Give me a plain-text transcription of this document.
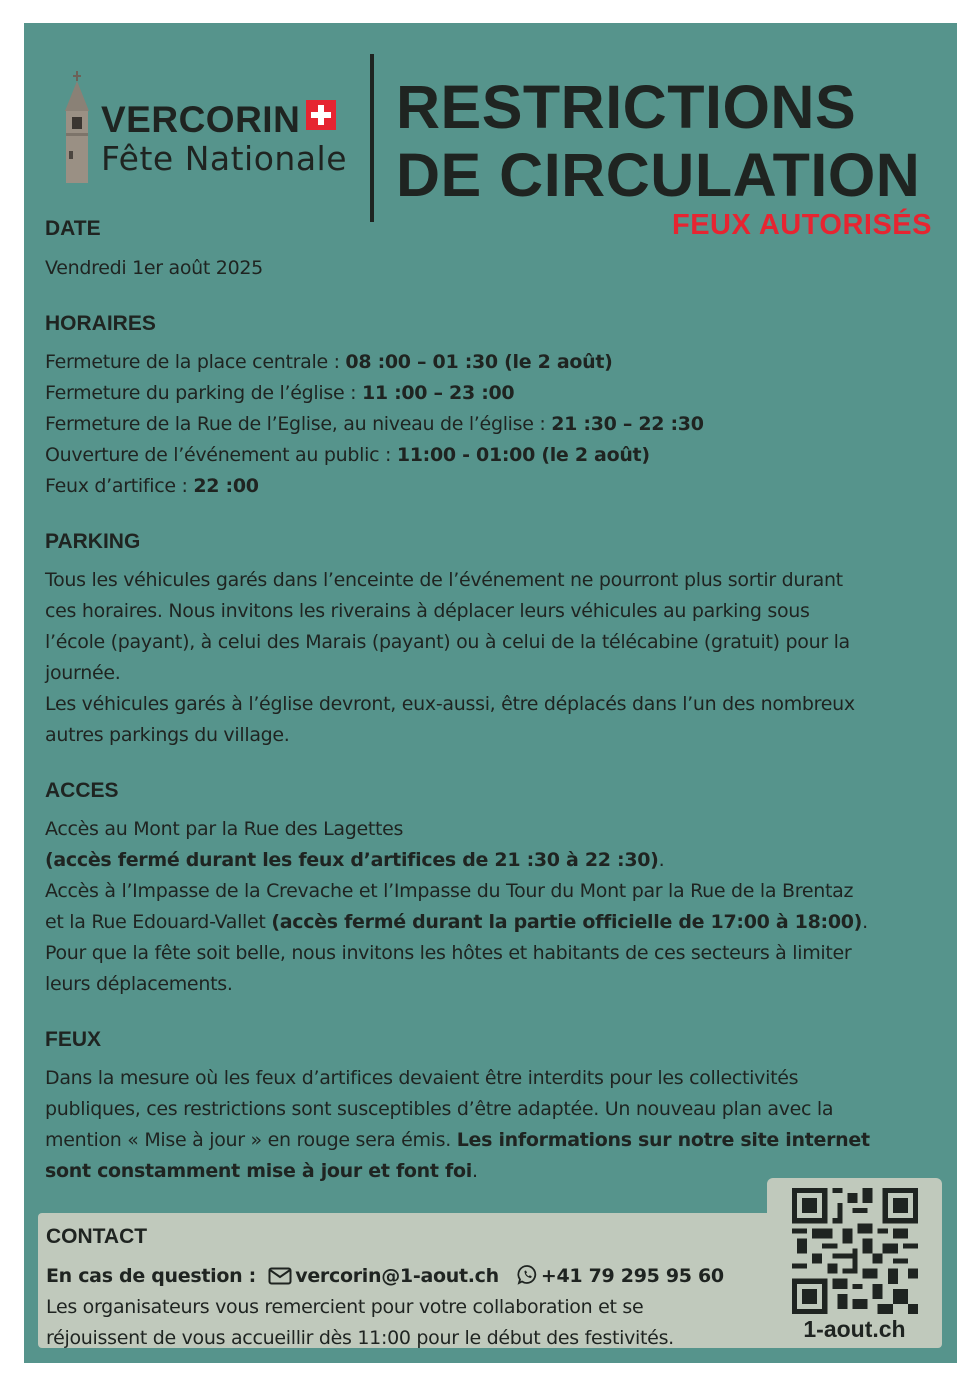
VERCORIN
Fête Nationale
RESTRICTIONS
DE CIRCULATION
FEUX AUTORISÉS
DATE
Vendredi 1er août 2025
HORAIRES
Fermeture de la place centrale : 08 :00 – 01 :30 (le 2 août)
Fermeture du parking de l’église : 11 :00 – 23 :00
Fermeture de la Rue de l’Eglise, au niveau de l’église : 21 :30 – 22 :30
Ouverture de l’événement au public : 11:00 - 01:00 (le 2 août)
Feux d’artifice : 22 :00
PARKING
Tous les véhicules garés dans l’enceinte de l’événement ne pourront plus sortir durant
ces horaires. Nous invitons les riverains à déplacer leurs véhicules au parking sous
l’école (payant), à celui des Marais (payant) ou à celui de la télécabine (gratuit) pour la
journée.
Les véhicules garés à l’église devront, eux-aussi, être déplacés dans l’un des nombreux
autres parkings du village.
ACCES
Accès au Mont par la Rue des Lagettes
(accès fermé durant les feux d’artifices de 21 :30 à 22 :30).
Accès à l’Impasse de la Crevache et l’Impasse du Tour du Mont par la Rue de la Brentaz
et la Rue Edouard-Vallet (accès fermé durant la partie officielle de 17:00 à 18:00).
Pour que la fête soit belle, nous invitons les hôtes et habitants de ces secteurs à limiter
leurs déplacements.
FEUX
Dans la mesure où les feux d’artifices devaient être interdits pour les collectivités
publiques, ces restrictions sont susceptibles d’être adaptée. Un nouveau plan avec la
mention « Mise à jour » en rouge sera émis. Les informations sur notre site internet
sont constamment mise à jour et font foi.
CONTACT
En cas de question : vercorin@1-aout.ch +41 79 295 95 60
Les organisateurs vous remercient pour votre collaboration et se
réjouissent de vous accueillir dès 11:00 pour le début des festivités.	1-aout.ch
